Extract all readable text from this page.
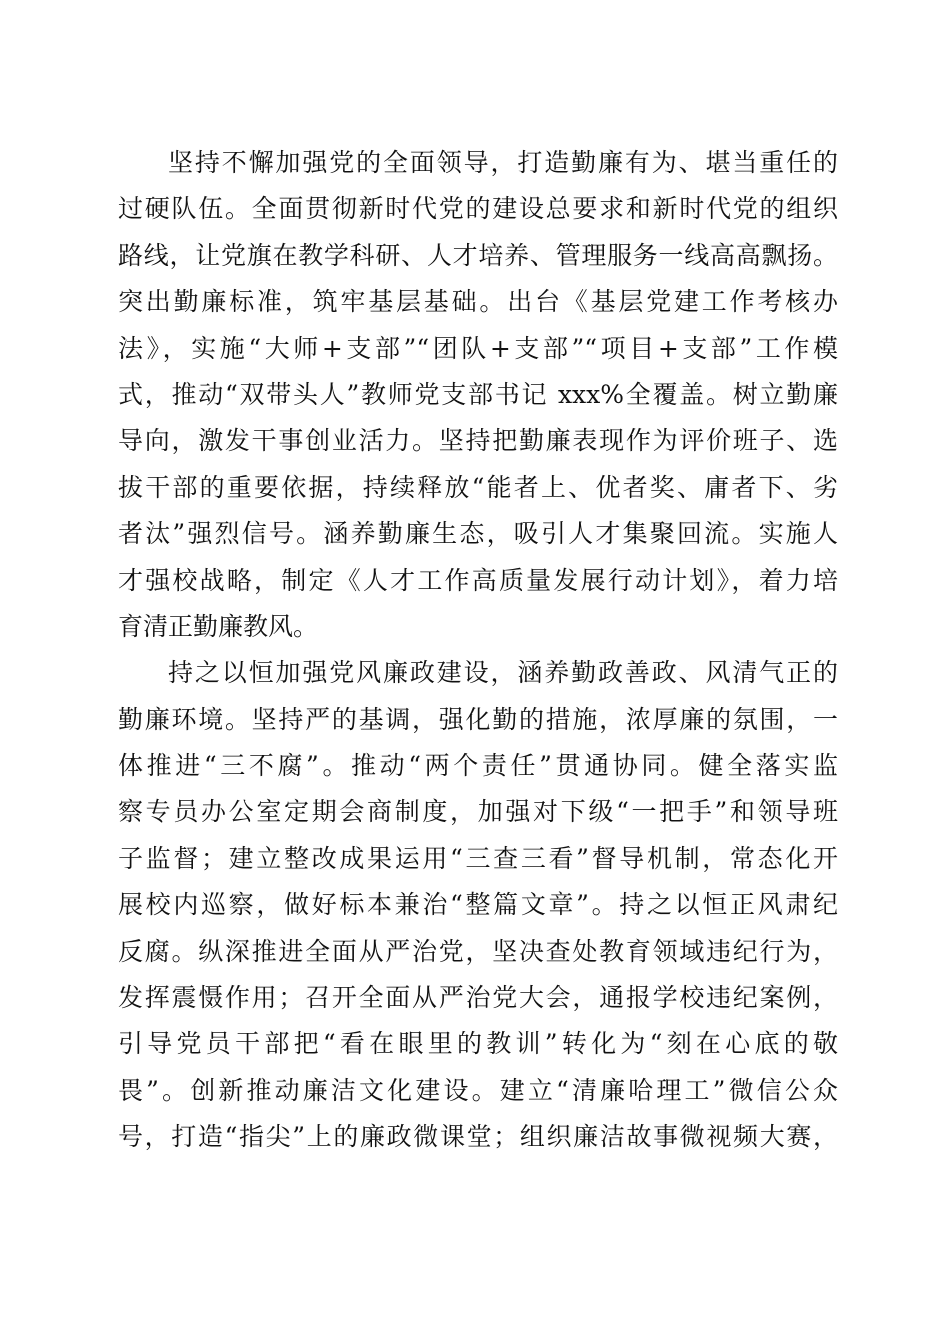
坚持不懈加强党的全面领导，打造勤廉有为、堪当重任的
过硬队伍。全面贯彻新时代党的建设总要求和新时代党的组织
路线，让党旗在教学科研、人才培养、管理服务一线高高飘扬。
突出勤廉标准，筑牢基层基础。出台《基层党建工作考核办
法》，实施“大师+支部”“团队+支部”“项目+支部”工作模
式，推动“双带头人”教师党支部书记 xxx%全覆盖。树立勤廉
导向，激发干事创业活力。坚持把勤廉表现作为评价班子、选
拔干部的重要依据，持续释放“能者上、优者奖、庸者下、劣
者汰”强烈信号。涵养勤廉生态，吸引人才集聚回流。实施人
才强校战略，制定《人才工作高质量发展行动计划》，着力培
育清正勤廉教风。
持之以恒加强党风廉政建设，涵养勤政善政、风清气正的
勤廉环境。坚持严的基调，强化勤的措施，浓厚廉的氛围，一
体推进“三不腐”。推动“两个责任”贯通协同。健全落实监
察专员办公室定期会商制度，加强对下级“一把手”和领导班
子监督；建立整改成果运用“三查三看”督导机制，常态化开
展校内巡察，做好标本兼治“整篇文章”。持之以恒正风肃纪
反腐。纵深推进全面从严治党，坚决查处教育领域违纪行为，
发挥震慑作用；召开全面从严治党大会，通报学校违纪案例，
引导党员干部把“看在眼里的教训”转化为“刻在心底的敬
畏”。创新推动廉洁文化建设。建立“清廉哈理工”微信公众
号，打造“指尖”上的廉政微课堂；组织廉洁故事微视频大赛，
